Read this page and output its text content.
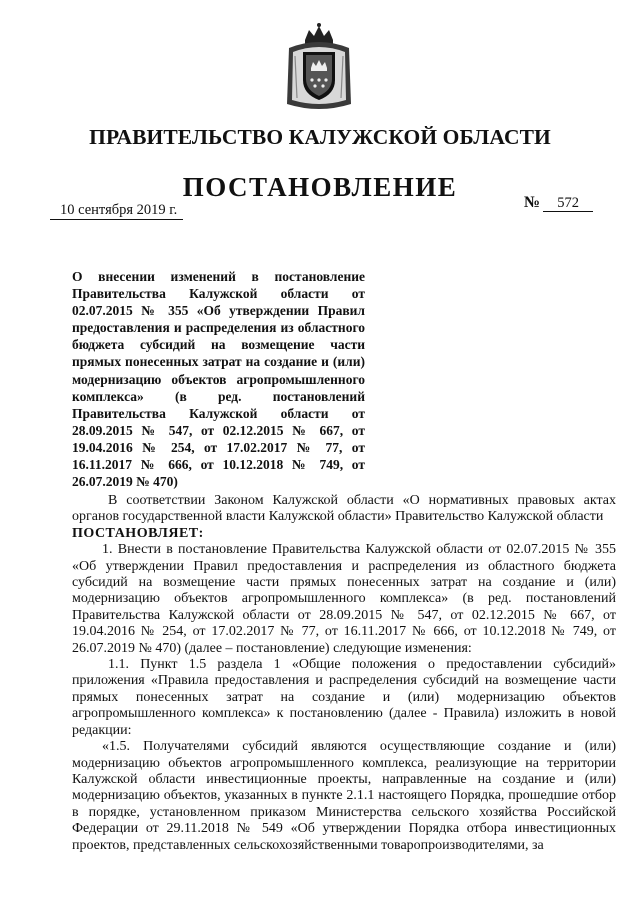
ПРАВИТЕЛЬСТВО КАЛУЖСКОЙ ОБЛАСТИ
ПОСТАНОВЛЕНИЕ
10 сентября 2019 г.	№ 572
О внесении изменений в постановление Правительства Калужской области от 02.07.2015 № 355 «Об утверждении Правил предоставления и распределения из областного бюджета субсидий на возмещение части прямых понесенных затрат на создание и (или) модернизацию объектов агропромышленного комплекса» (в ред. постановлений Правительства Калужской области от 28.09.2015 № 547, от 02.12.2015 № 667, от 19.04.2016 № 254, от 17.02.2017 № 77, от 16.11.2017 № 666, от 10.12.2018 № 749, от 26.07.2019 № 470)

В соответствии Законом Калужской области «О нормативных правовых актах органов государственной власти Калужской области» Правительство Калужской области

ПОСТАНОВЛЯЕТ:

1. Внести в постановление Правительства Калужской области от 02.07.2015 № 355 «Об утверждении Правил предоставления и распределения из областного бюджета субсидий на возмещение части прямых понесенных затрат на создание и (или) модернизацию объектов агропромышленного комплекса» (в ред. постановлений Правительства Калужской области от 28.09.2015 № 547, от 02.12.2015 № 667, от 19.04.2016 № 254, от 17.02.2017 № 77, от 16.11.2017 № 666, от 10.12.2018 № 749, от 26.07.2019 № 470) (далее – постановление) следующие изменения:

1.1. Пункт 1.5 раздела 1 «Общие положения о предоставлении субсидий» приложения «Правила предоставления и распределения субсидий на возмещение части прямых понесенных затрат на создание и (или) модернизацию объектов агропромышленного комплекса» к постановлению (далее - Правила) изложить в новой редакции:

«1.5. Получателями субсидий являются осуществляющие создание и (или) модернизацию объектов агропромышленного комплекса, реализующие на территории Калужской области инвестиционные проекты, направленные на создание и (или) модернизацию объектов, указанных в пункте 2.1.1 настоящего Порядка, прошедшие отбор в порядке, установленном приказом Министерства сельского хозяйства Российской Федерации от 29.11.2018 № 549 «Об утверждении Порядка отбора инвестиционных проектов, представленных сельскохозяйственными товаропроизводителями, за
